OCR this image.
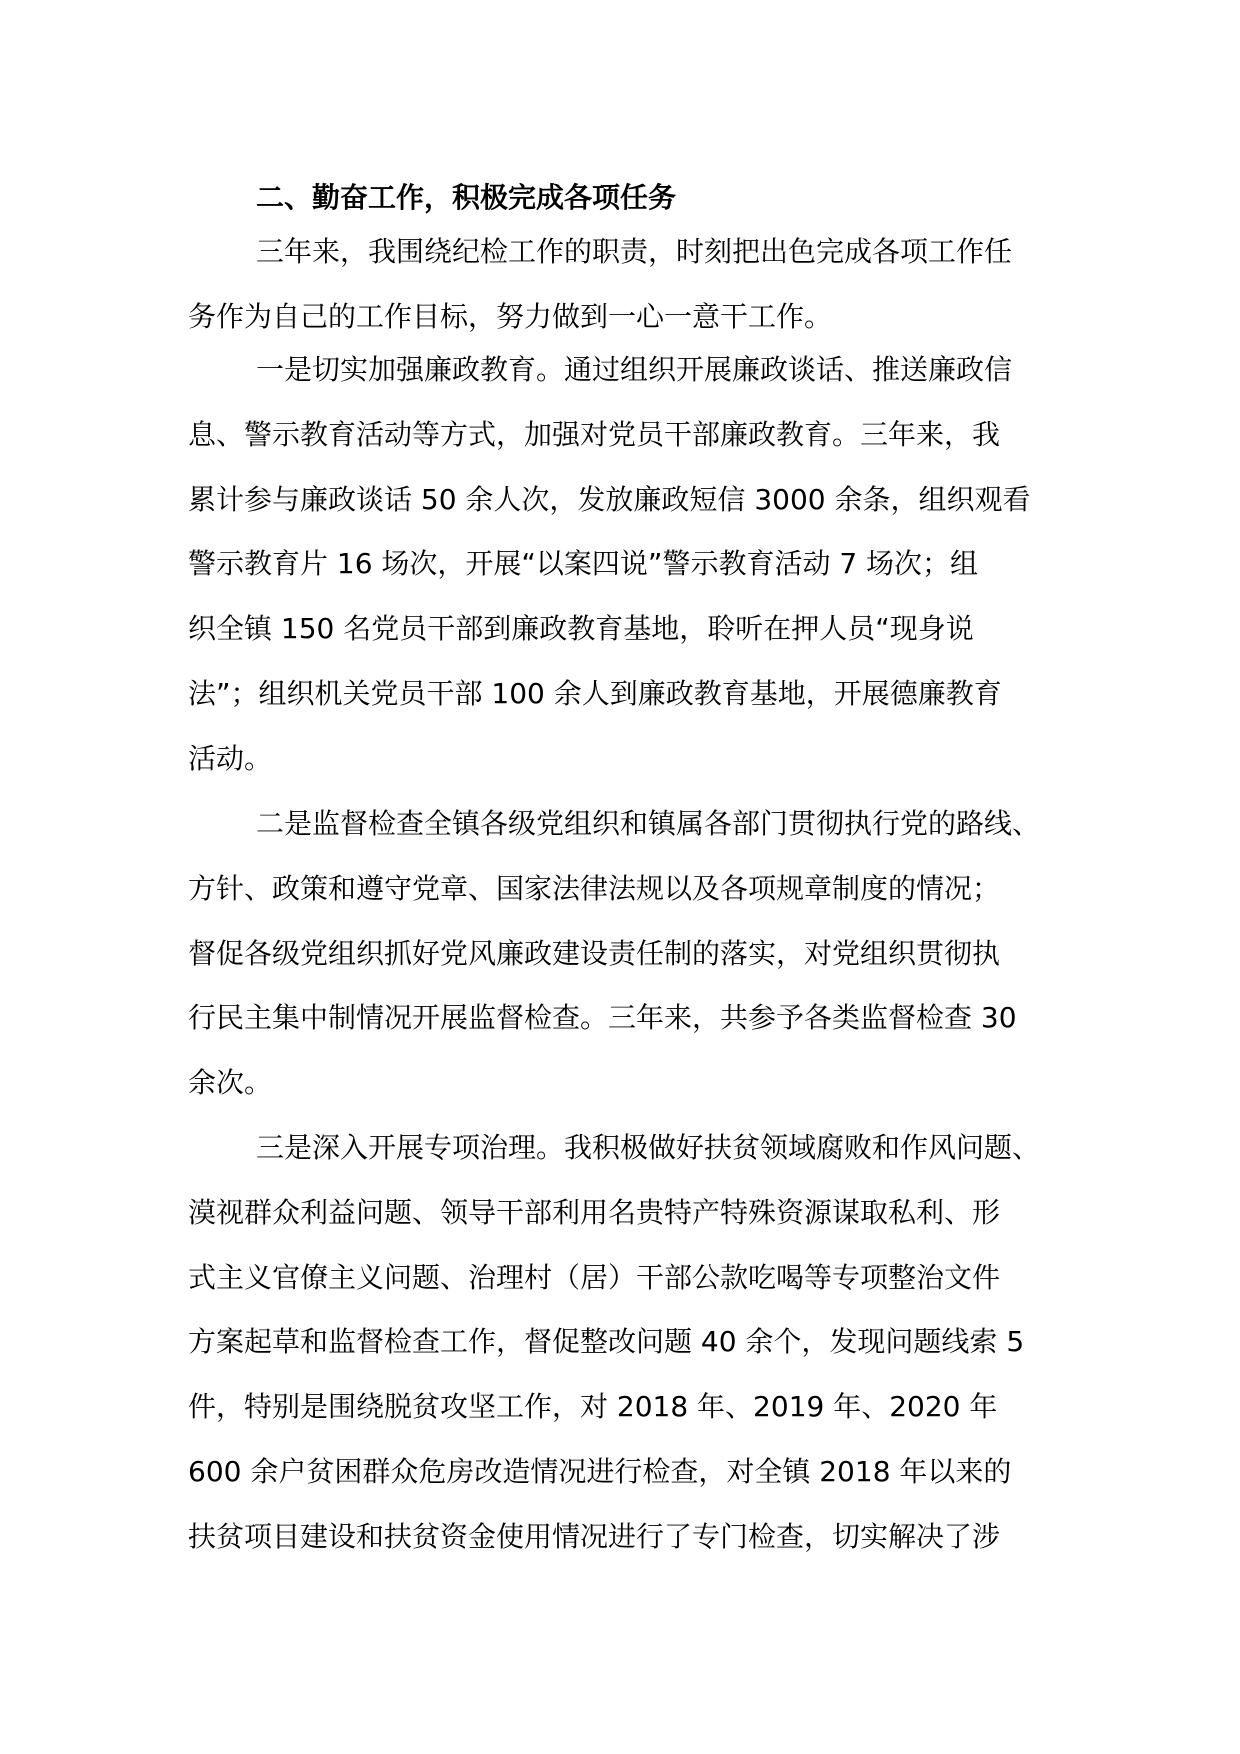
二、勤奋工作，积极完成各项任务

三年来，我围绕纪检工作的职责，时刻把出色完成各项工作任
务作为自己的工作目标，努力做到一心一意干工作。

一是切实加强廉政教育。通过组织开展廉政谈话、推送廉政信
息、警示教育活动等方式，加强对党员干部廉政教育。三年来，我
累计参与廉政谈话 50 余人次，发放廉政短信 3000 余条，组织观看
警示教育片 16 场次，开展“以案四说”警示教育活动 7 场次；组
织全镇 150 名党员干部到廉政教育基地，聆听在押人员“现身说
法”；组织机关党员干部 100 余人到廉政教育基地，开展德廉教育
活动。

二是监督检查全镇各级党组织和镇属各部门贯彻执行党的路线、
方针、政策和遵守党章、国家法律法规以及各项规章制度的情况；
督促各级党组织抓好党风廉政建设责任制的落实，对党组织贯彻执
行民主集中制情况开展监督检查。三年来，共参予各类监督检查 30
余次。

三是深入开展专项治理。我积极做好扶贫领域腐败和作风问题、
漠视群众利益问题、领导干部利用名贵特产特殊资源谋取私利、形
式主义官僚主义问题、治理村（居）干部公款吃喝等专项整治文件
方案起草和监督检查工作，督促整改问题 40 余个，发现问题线索 5
件，特别是围绕脱贫攻坚工作，对 2018 年、2019 年、2020 年
600 余户贫困群众危房改造情况进行检查，对全镇 2018 年以来的
扶贫项目建设和扶贫资金使用情况进行了专门检查，切实解决了涉
